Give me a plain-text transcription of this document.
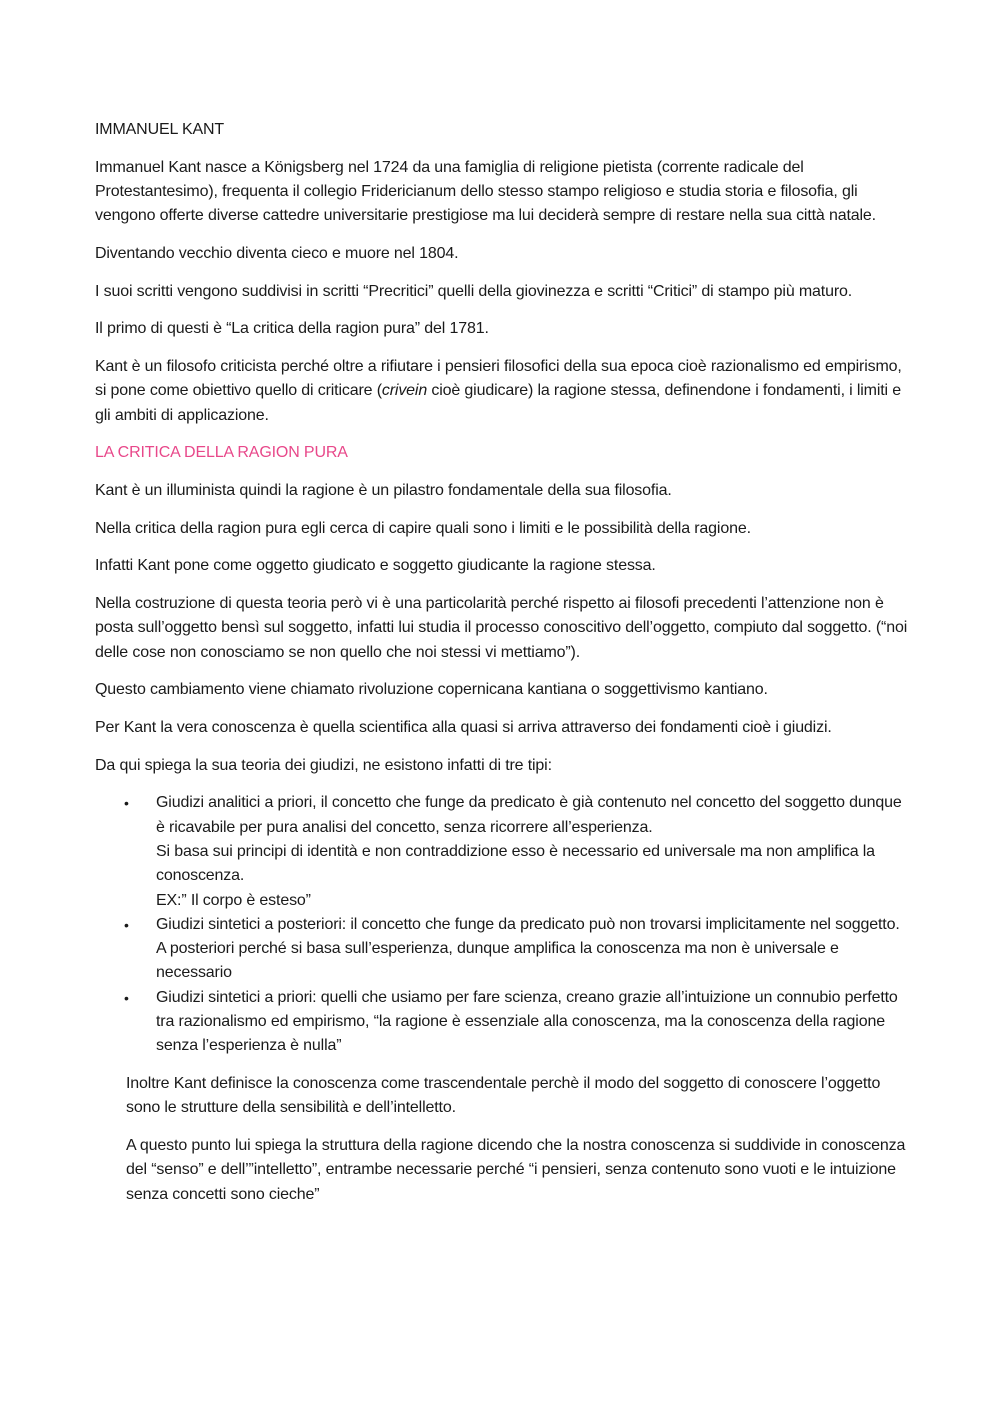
IMMANUEL KANT

Immanuel Kant nasce a Königsberg nel 1724 da una famiglia di religione pietista (corrente radicale del Protestantesimo), frequenta il collegio Fridericianum dello stesso stampo religioso e studia storia e filosofia, gli vengono offerte diverse cattedre universitarie prestigiose ma lui deciderà sempre di restare nella sua città natale.

Diventando vecchio diventa cieco e muore nel 1804.

I suoi scritti vengono suddivisi in scritti “Precritici” quelli della giovinezza e scritti “Critici” di stampo più maturo.

Il primo di questi è “La critica della ragion pura” del 1781.

Kant è un filosofo criticista perché oltre a rifiutare i pensieri filosofici della sua epoca cioè razionalismo ed empirismo, si pone come obiettivo quello di criticare (crivein cioè giudicare) la ragione stessa, definendone i fondamenti, i limiti e gli ambiti di applicazione.

LA CRITICA DELLA RAGION PURA

Kant è un illuminista quindi la ragione è un pilastro fondamentale della sua filosofia.

Nella critica della ragion pura egli cerca di capire quali sono i limiti e le possibilità della ragione.

Infatti Kant pone come oggetto giudicato e soggetto giudicante la ragione stessa.

Nella costruzione di questa teoria però vi è una particolarità perché rispetto ai filosofi precedenti l’attenzione non è posta sull’oggetto bensì sul soggetto, infatti lui studia il processo conoscitivo dell’oggetto, compiuto dal soggetto. (“noi delle cose non conosciamo se non quello che noi stessi vi mettiamo”).

Questo cambiamento viene chiamato rivoluzione copernicana kantiana o soggettivismo kantiano.

Per Kant la vera conoscenza è quella scientifica alla quasi si arriva attraverso dei fondamenti cioè i giudizi.

Da qui spiega la sua teoria dei giudizi, ne esistono infatti di tre tipi:

• Giudizi analitici a priori, il concetto che funge da predicato è già contenuto nel concetto del soggetto dunque è ricavabile per pura analisi del concetto, senza ricorrere all’esperienza.
Si basa sui principi di identità e non contraddizione esso è necessario ed universale ma non amplifica la conoscenza.
EX:” Il corpo è esteso”
• Giudizi sintetici a posteriori: il concetto che funge da predicato può non trovarsi implicitamente nel soggetto. A posteriori perché si basa sull’esperienza, dunque amplifica la conoscenza ma non è universale e necessario
• Giudizi sintetici a priori: quelli che usiamo per fare scienza, creano grazie all’intuizione un connubio perfetto tra razionalismo ed empirismo, “la ragione è essenziale alla conoscenza, ma la conoscenza della ragione senza l’esperienza è nulla”

Inoltre Kant definisce la conoscenza come trascendentale perchè il modo del soggetto di conoscere l’oggetto sono le strutture della sensibilità e dell’intelletto.

A questo punto lui spiega la struttura della ragione dicendo che la nostra conoscenza si suddivide in conoscenza del “senso” e dell’”intelletto”, entrambe necessarie perché “i pensieri, senza contenuto sono vuoti e le intuizione senza concetti sono cieche”
